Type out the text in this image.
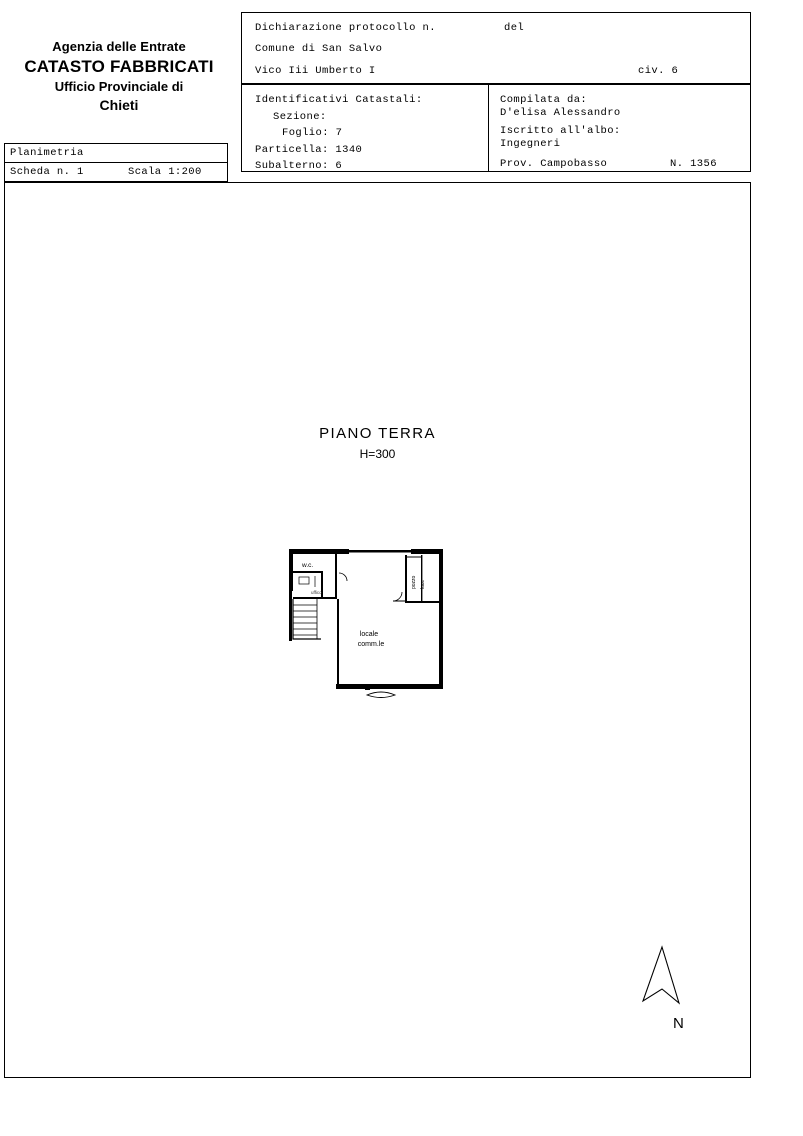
Agenzia delle Entrate
CATASTO FABBRICATI
Ufficio Provinciale di
Chieti
Planimetria
Scheda n. 1	Scala 1:200
Dichiarazione protocollo n.	del
Comune di San Salvo
Vico Iii Umberto I	civ. 6
Identificativi Catastali:
Sezione:
Foglio: 7
Particella: 1340
Subalterno: 6
Compilata da:
D'elisa Alessandro
Iscritto all'albo:
Ingegneri
Prov. Campobasso	N. 1356
PIANO TERRA
H=300
w.c.
uffico
pozzo luce
locale
comm.le
N
